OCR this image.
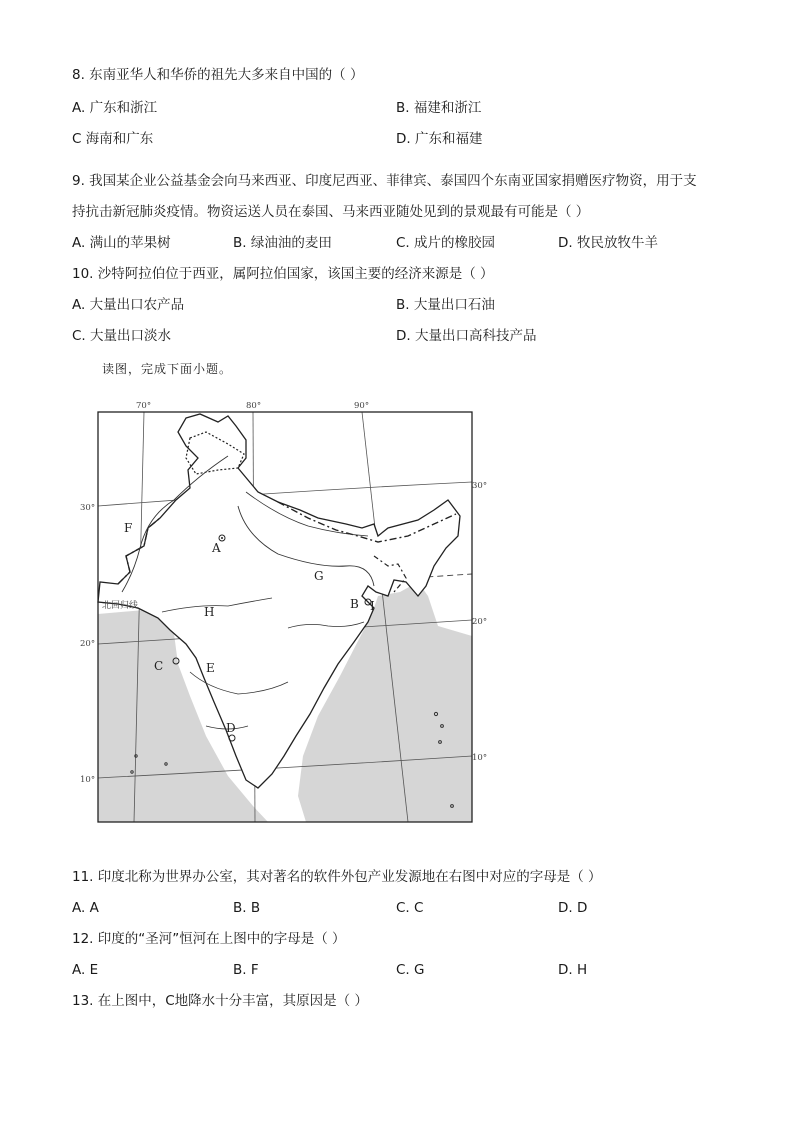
8. 东南亚华人和华侨的祖先大多来自中国的（ ）
A. 广东和浙江	B. 福建和浙江
C 海南和广东	D. 广东和福建
9. 我国某企业公益基金会向马来西亚、印度尼西亚、菲律宾、泰国四个东南亚国家捐赠医疗物资，用于支
持抗击新冠肺炎疫情。物资运送人员在泰国、马来西亚随处见到的景观最有可能是（ ）
A. 满山的苹果树	B. 绿油油的麦田	C. 成片的橡胶园	D. 牧民放牧牛羊
10. 沙特阿拉伯位于西亚，属阿拉伯国家，该国主要的经济来源是（ ）
A. 大量出口农产品	B. 大量出口石油
C. 大量出口淡水	D. 大量出口高科技产品
读图，完成下面小题。
70°	80°	90°
30°
20°
10°
30°
20°
10°
北回归线
F
A
G
H
B I
C	E
D
11. 印度北称为世界办公室，其对著名的软件外包产业发源地在右图中对应的字母是（ ）
A. A	B. B	C. C	D. D
12. 印度的“圣河”恒河在上图中的字母是（ ）
A. E	B. F	C. G	D. H
13. 在上图中，C地降水十分丰富，其原因是（ ）
